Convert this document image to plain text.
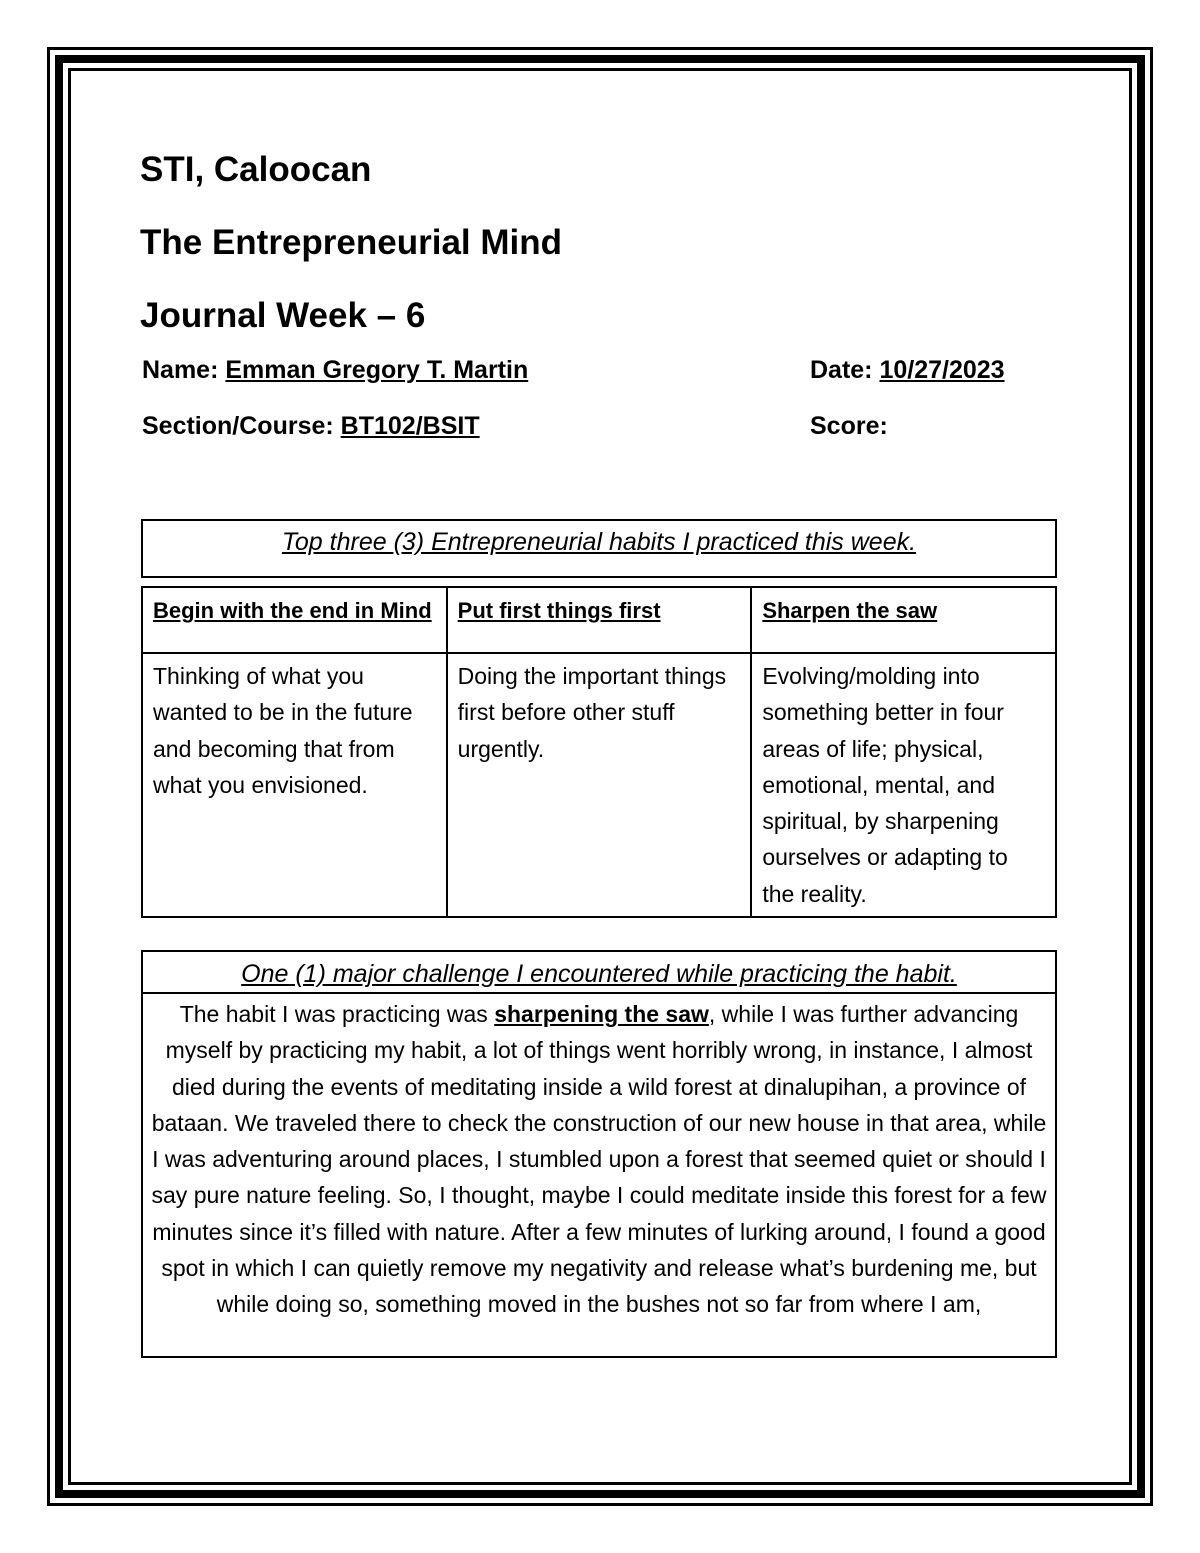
STI, Caloocan
The Entrepreneurial Mind
Journal Week – 6
Name: Emman Gregory T. Martin
Section/Course: BT102/BSIT
Date: 10/27/2023
Score:
Top three (3) Entrepreneurial habits I practiced this week.
Begin with the end in Mind	Put first things first	Sharpen the saw
Thinking of what you wanted to be in the future and becoming that from what you envisioned.	Doing the important things first before other stuff urgently.	Evolving/molding into something better in four areas of life; physical, emotional, mental, and spiritual, by sharpening ourselves or adapting to the reality.
One (1) major challenge I encountered while practicing the habit.

The habit I was practicing was sharpening the saw, while I was further advancing myself by practicing my habit, a lot of things went horribly wrong, in instance, I almost died during the events of meditating inside a wild forest at dinalupihan, a province of bataan. We traveled there to check the construction of our new house in that area, while I was adventuring around places, I stumbled upon a forest that seemed quiet or should I say pure nature feeling. So, I thought, maybe I could meditate inside this forest for a few minutes since it’s filled with nature. After a few minutes of lurking around, I found a good spot in which I can quietly remove my negativity and release what’s burdening me, but while doing so, something moved in the bushes not so far from where I am,
